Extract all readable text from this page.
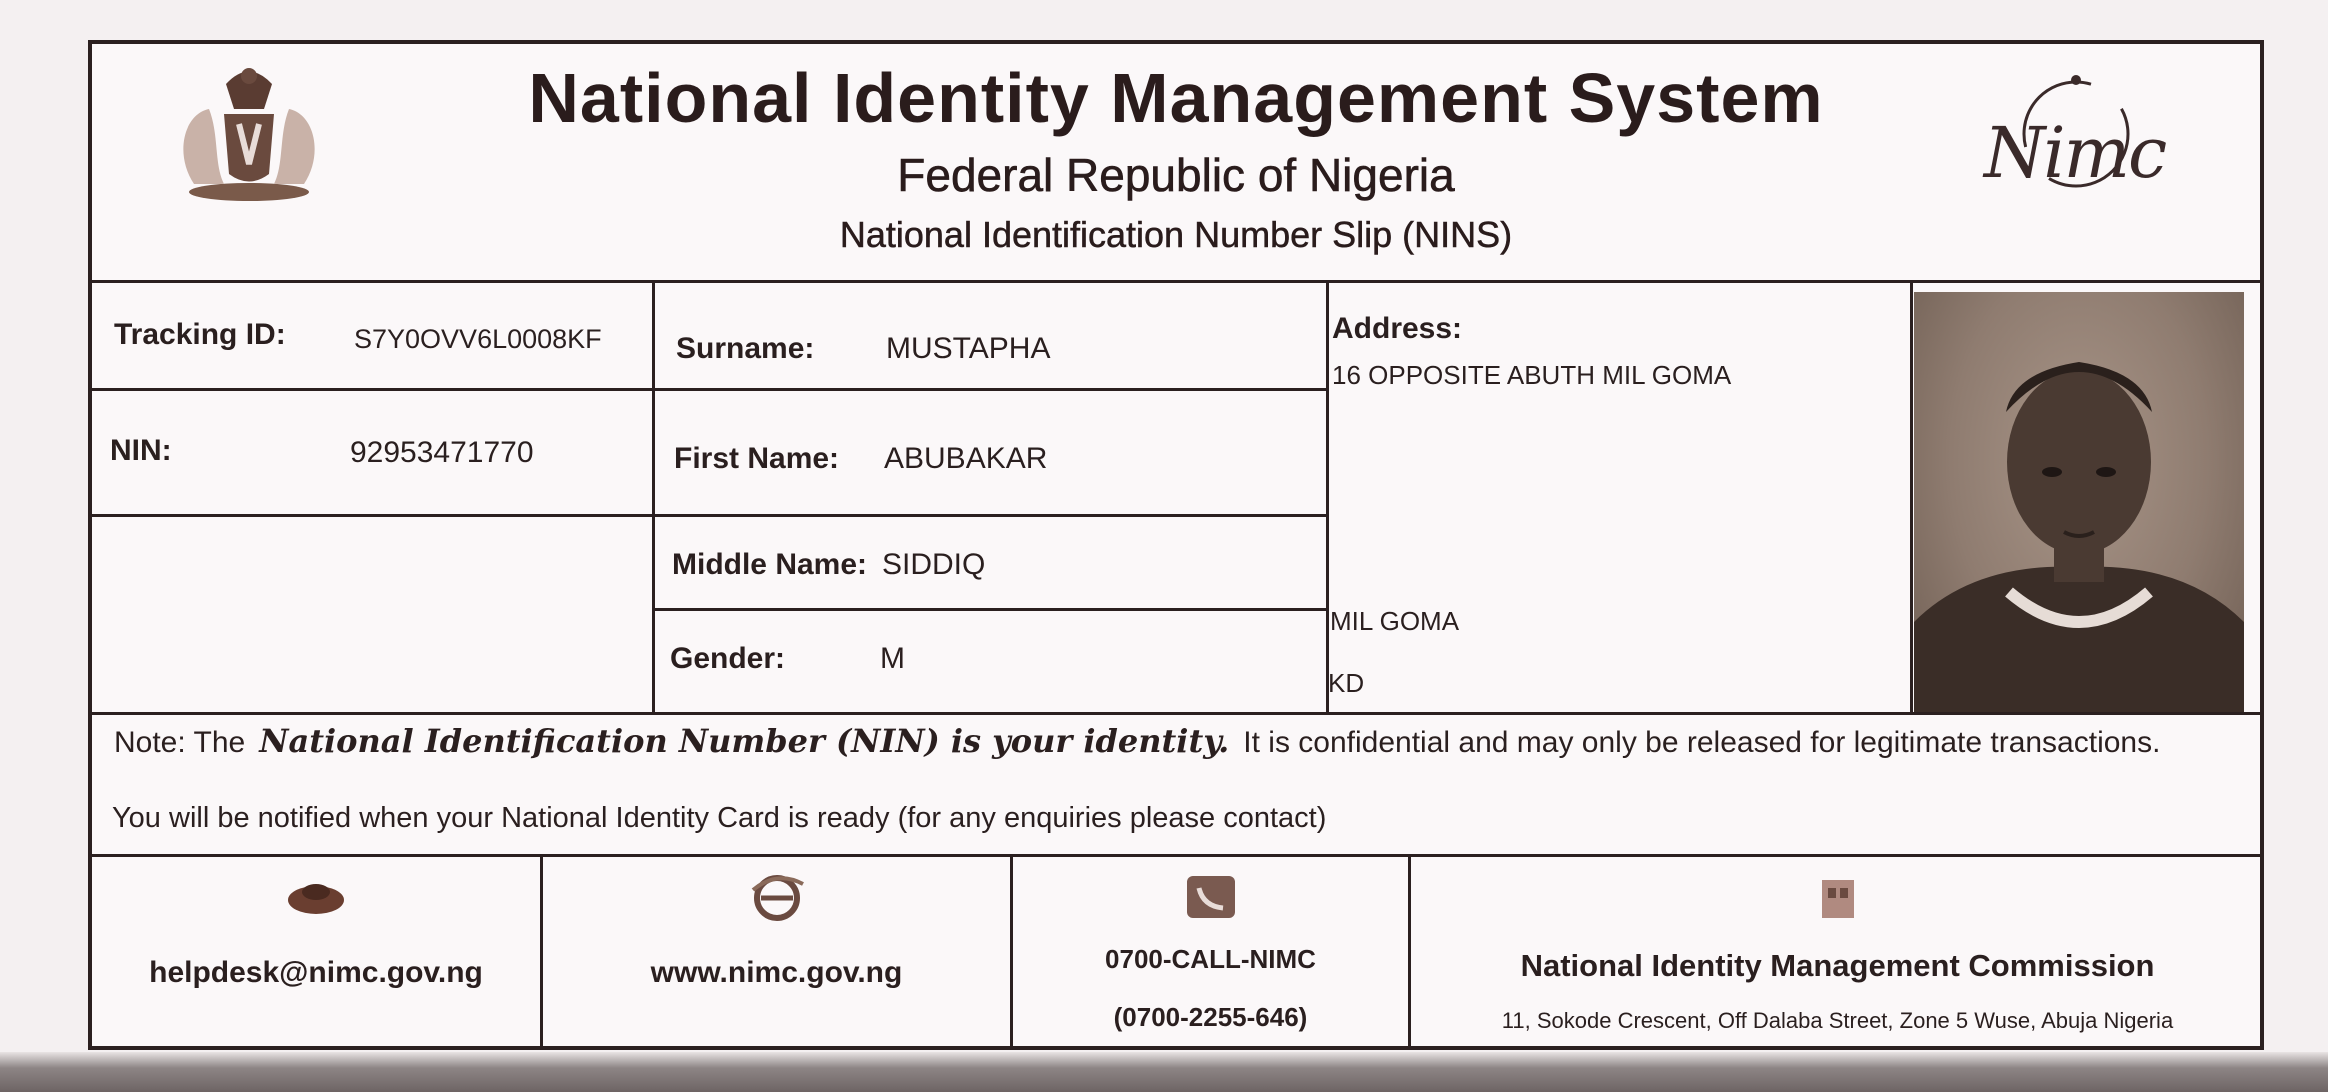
National Identity Management System
Federal Republic of Nigeria
National Identification Number Slip (NINS)
Nimc
Tracking ID:	S7Y0OVV6L0008KF
NIN:	92953471770
Surname: MUSTAPHA
First Name: ABUBAKAR
Middle Name: SIDDIQ
Gender:	M
Address:
16 OPPOSITE ABUTH MIL GOMA
MIL GOMA
KD
Note: The National Identification Number (NIN) is your identity. It is confidential and may only be released for legitimate transactions.
You will be notified when your National Identity Card is ready (for any enquiries please contact)
helpdesk@nimc.gov.ng	www.nimc.gov.ng	0700-CALL-NIMC
(0700-2255-646)
National Identity Management Commission
11, Sokode Crescent, Off Dalaba Street, Zone 5 Wuse, Abuja Nigeria
